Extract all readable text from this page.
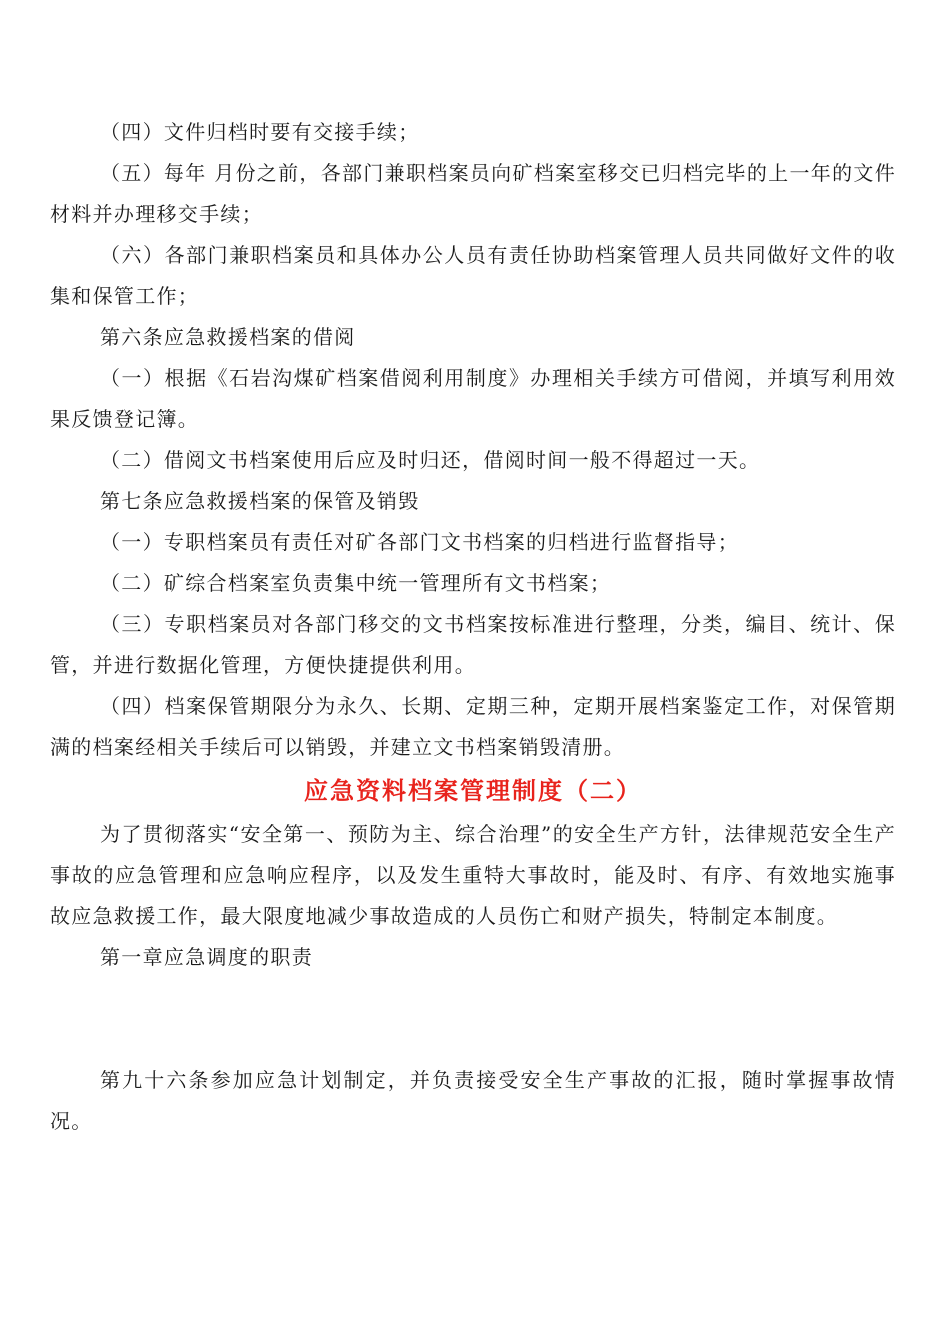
（四）文件归档时要有交接手续；

（五）每年 月份之前，各部门兼职档案员向矿档案室移交已归档完毕的上一年的文件材料并办理移交手续；

（六）各部门兼职档案员和具体办公人员有责任协助档案管理人员共同做好文件的收集和保管工作；

第六条应急救援档案的借阅

（一）根据《石岩沟煤矿档案借阅利用制度》办理相关手续方可借阅，并填写利用效果反馈登记簿。

（二）借阅文书档案使用后应及时归还，借阅时间一般不得超过一天。

第七条应急救援档案的保管及销毁

（一）专职档案员有责任对矿各部门文书档案的归档进行监督指导；

（二）矿综合档案室负责集中统一管理所有文书档案；

（三）专职档案员对各部门移交的文书档案按标准进行整理，分类，编目、统计、保管，并进行数据化管理，方便快捷提供利用。

（四）档案保管期限分为永久、长期、定期三种，定期开展档案鉴定工作，对保管期满的档案经相关手续后可以销毁，并建立文书档案销毁清册。

应急资料档案管理制度（二）

为了贯彻落实“安全第一、预防为主、综合治理”的安全生产方针，法律规范安全生产事故的应急管理和应急响应程序，以及发生重特大事故时，能及时、有序、有效地实施事故应急救援工作，最大限度地减少事故造成的人员伤亡和财产损失，特制定本制度。

第一章应急调度的职责

第九十六条参加应急计划制定，并负责接受安全生产事故的汇报，随时掌握事故情况。
